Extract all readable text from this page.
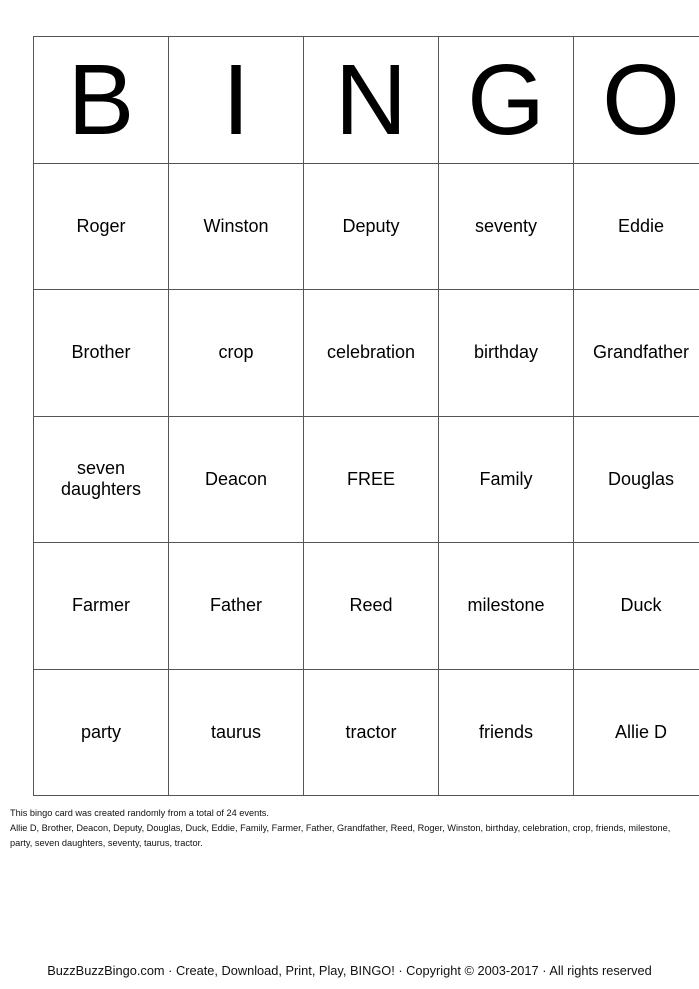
B	I	N	G	O
Roger	Winston	Deputy	seventy	Eddie
Brother	crop	celebration	birthday	Grandfather
seven daughters	Deacon	FREE	Family	Douglas
Farmer	Father	Reed	milestone	Duck
party	taurus	tractor	friends	Allie D
This bingo card was created randomly from a total of 24 events.
Allie D, Brother, Deacon, Deputy, Douglas, Duck, Eddie, Family, Farmer, Father, Grandfather, Reed, Roger, Winston, birthday, celebration, crop, friends, milestone, party, seven daughters, seventy, taurus, tractor.
BuzzBuzzBingo.com · Create, Download, Print, Play, BINGO! · Copyright © 2003-2017 · All rights reserved
